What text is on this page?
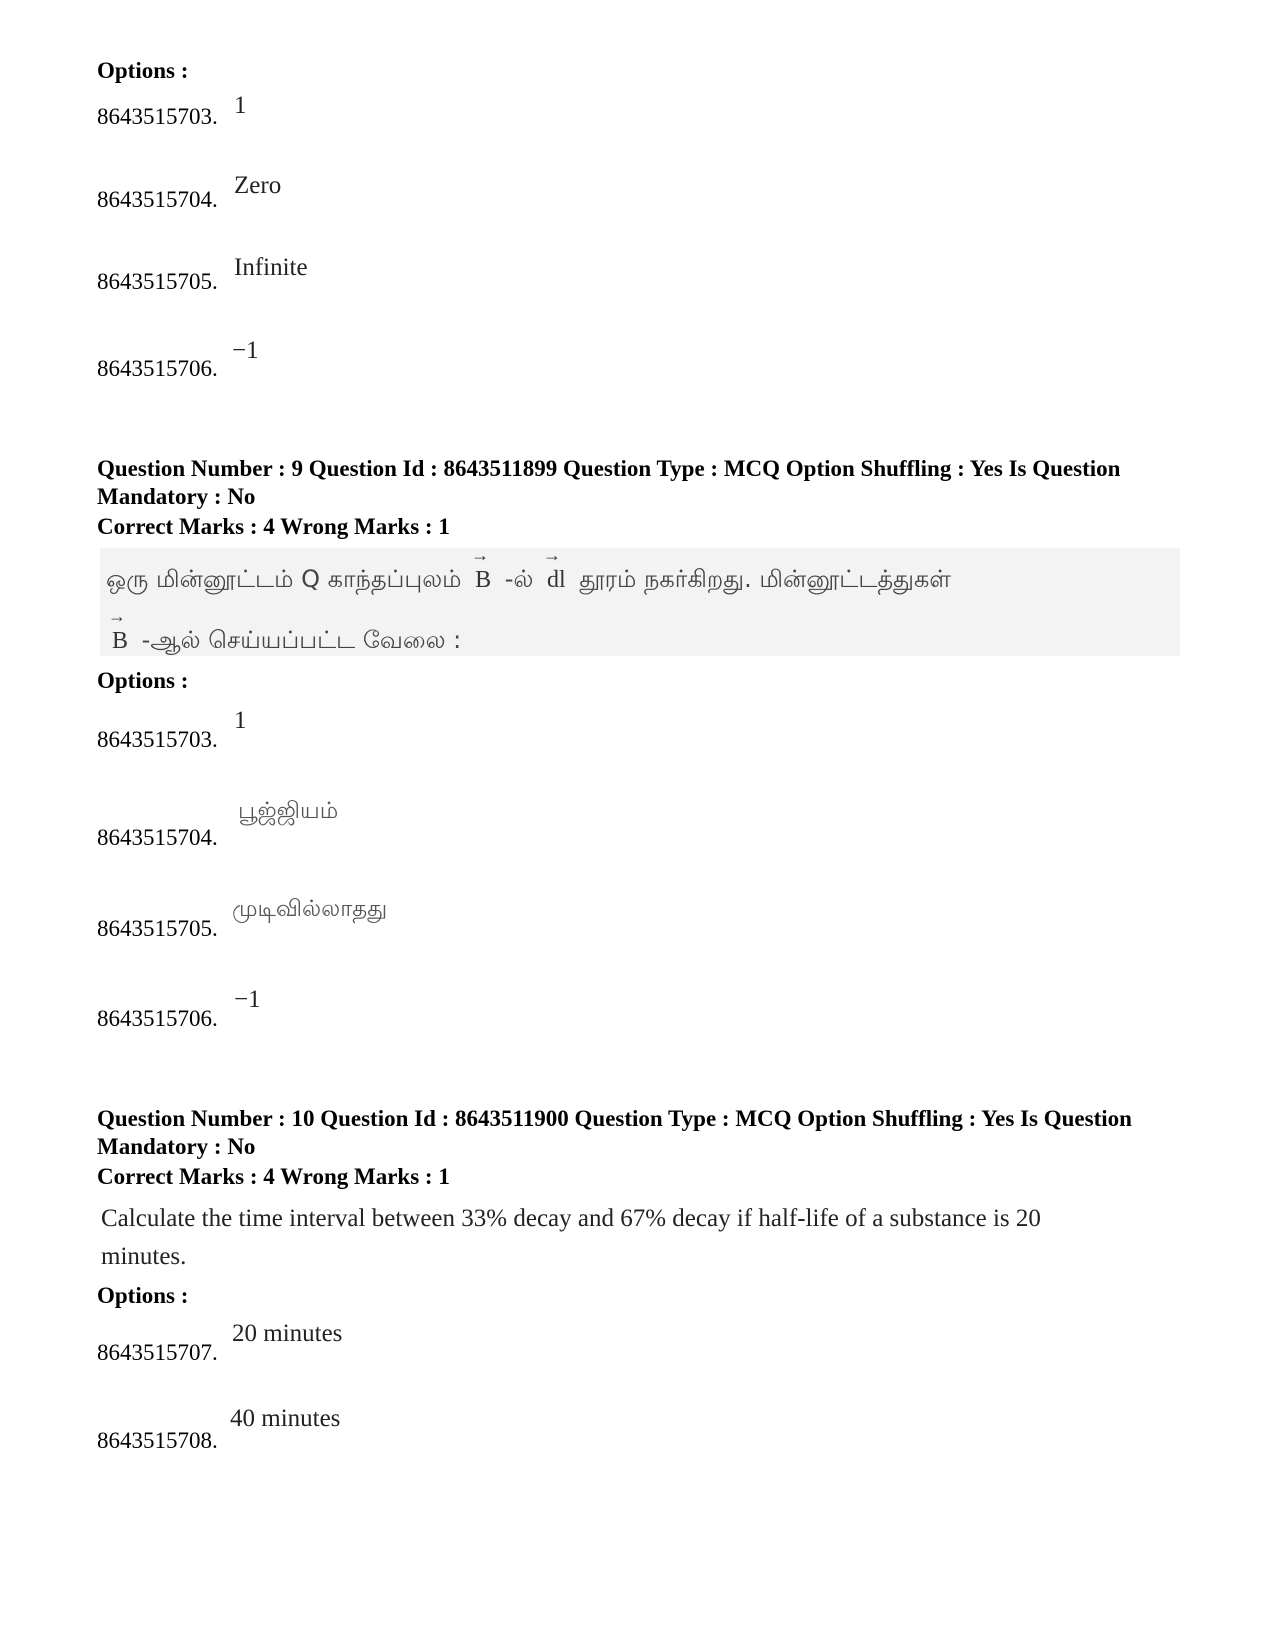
Options :
8643515703. 1
8643515704.
Zero
8643515705.
Infinite
8643515706.
−1
Question Number : 9 Question Id : 8643511899 Question Type : MCQ Option Shuffling : Yes Is Question Mandatory : No
Correct Marks : 4 Wrong Marks : 1
ஒரு மின்னூட்டம் Q காந்தப்புலம்
→
B -ல்
→
dl தூரம் நகர்கிறது. மின்னூட்டத்துகள்
→
B -ஆல் செய்யப்பட்ட வேலை :
Options :
8643515703.
1
8643515704.
பூஜ்ஜியம்
8643515705.
முடிவில்லாதது
8643515706.
−1
Question Number : 10 Question Id : 8643511900 Question Type : MCQ Option Shuffling : Yes Is Question Mandatory : No
Correct Marks : 4 Wrong Marks : 1
Calculate the time interval between 33% decay and 67% decay if half-life of a substance is 20 minutes.
Options :
8643515707.
20 minutes
8643515708.
40 minutes
